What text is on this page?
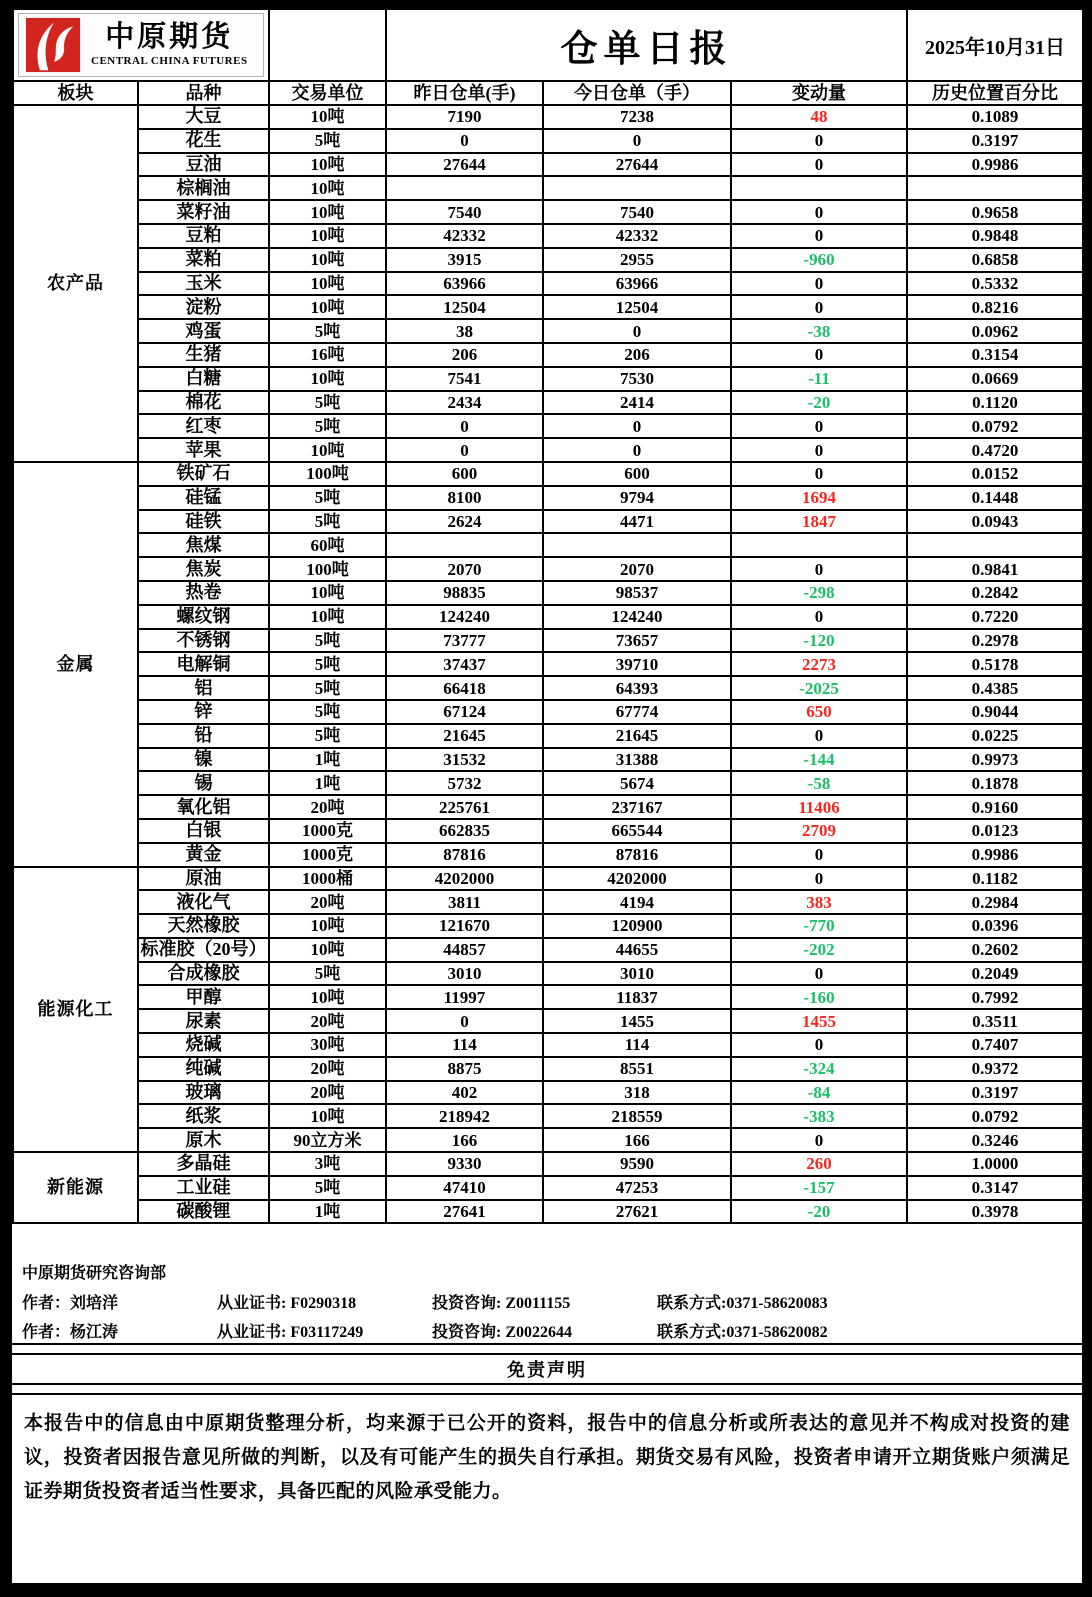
中原期货
CENTRAL CHINA FUTURES			仓单日报			2025年10月31日
板块	品种	交易单位	昨日仓单(手)	今日仓单（手）	变动量	历史位置百分比
农产品	大豆	10吨	7190	7238	48	0.1089

	花生	5吨	0	0	0	0.3197

	豆油	10吨	27644	27644	0	0.9986

	棕榈油	10吨				

	菜籽油	10吨	7540	7540	0	0.9658

	豆粕	10吨	42332	42332	0	0.9848

	菜粕	10吨	3915	2955	-960	0.6858

	玉米	10吨	63966	63966	0	0.5332

	淀粉	10吨	12504	12504	0	0.8216

	鸡蛋	5吨	38	0	-38	0.0962

	生猪	16吨	206	206	0	0.3154

	白糖	10吨	7541	7530	-11	0.0669

	棉花	5吨	2434	2414	-20	0.1120

	红枣	5吨	0	0	0	0.0792

	苹果	10吨	0	0	0	0.4720
金属	铁矿石	100吨	600	600	0	0.0152

	硅锰	5吨	8100	9794	1694	0.1448

	硅铁	5吨	2624	4471	1847	0.0943

	焦煤	60吨				

	焦炭	100吨	2070	2070	0	0.9841

	热卷	10吨	98835	98537	-298	0.2842

	螺纹钢	10吨	124240	124240	0	0.7220

	不锈钢	5吨	73777	73657	-120	0.2978

	电解铜	5吨	37437	39710	2273	0.5178

	铝	5吨	66418	64393	-2025	0.4385

	锌	5吨	67124	67774	650	0.9044

	铅	5吨	21645	21645	0	0.0225

	镍	1吨	31532	31388	-144	0.9973

	锡	1吨	5732	5674	-58	0.1878

	氧化铝	20吨	225761	237167	11406	0.9160

	白银	1000克	662835	665544	2709	0.0123

	黄金	1000克	87816	87816	0	0.9986
能源化工	原油	1000桶	4202000	4202000	0	0.1182

	液化气	20吨	3811	4194	383	0.2984

	天然橡胶	10吨	121670	120900	-770	0.0396

	标准胶（20号）	10吨	44857	44655	-202	0.2602

	合成橡胶	5吨	3010	3010	0	0.2049

	甲醇	10吨	11997	11837	-160	0.7992

	尿素	20吨	0	1455	1455	0.3511

	烧碱	30吨	114	114	0	0.7407

	纯碱	20吨	8875	8551	-324	0.9372

	玻璃	20吨	402	318	-84	0.3197

	纸浆	10吨	218942	218559	-383	0.0792

	原木	90立方米	166	166	0	0.3246
新能源	多晶硅	3吨	9330	9590	260	1.0000

	工业硅	5吨	47410	47253	-157	0.3147

	碳酸锂	1吨	27641	27621	-20	0.3978
中原期货研究咨询部
作者：刘培洋	从业证书: F0290318	投资咨询: Z0011155	联系方式:0371-58620083
作者：杨江涛	从业证书: F03117249	投资咨询: Z0022644	联系方式:0371-58620082
免责声明
本报告中的信息由中原期货整理分析，均来源于已公开的资料，报告中的信息分析或所表达的意见并不构成对投资的建议，投资者因报告意见所做的判断，以及有可能产生的损失自行承担。期货交易有风险，投资者申请开立期货账户须满足证券期货投资者适当性要求，具备匹配的风险承受能力。
